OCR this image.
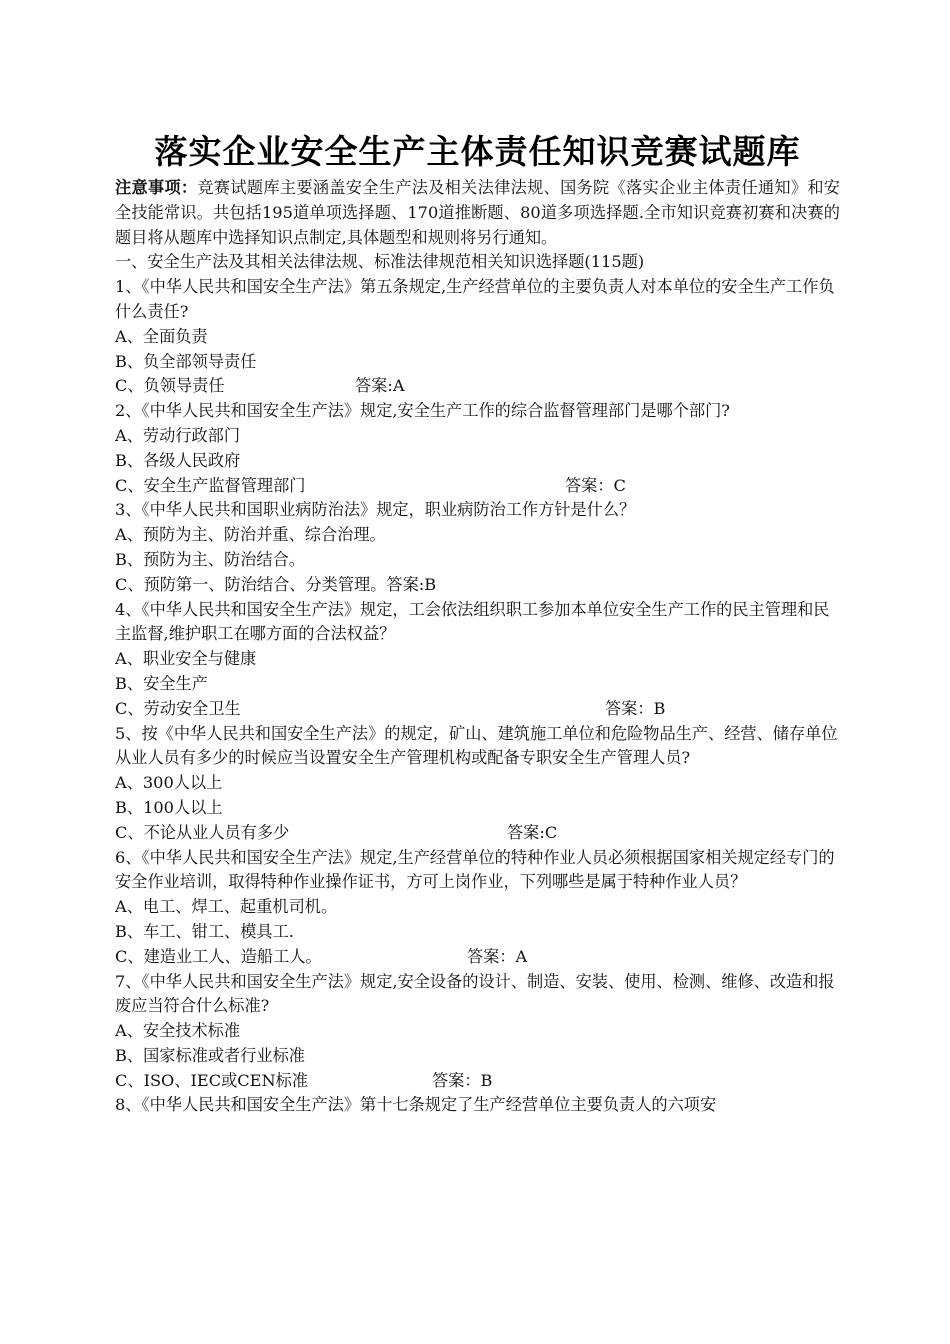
落实企业安全生产主体责任知识竞赛试题库

注意事项：竞赛试题库主要涵盖安全生产法及相关法律法规、国务院《落实企业主体责任通知》和安全技能常识。共包括195道单项选择题、170道推断题、80道多项选择题.全市知识竞赛初赛和决赛的题目将从题库中选择知识点制定,具体题型和规则将另行通知。

一、安全生产法及其相关法律法规、标准法律规范相关知识选择题(115题)

1、《中华人民共和国安全生产法》第五条规定,生产经营单位的主要负责人对本单位的安全生产工作负什么责任?

A、全面负责
B、负全部领导责任
C、负领导责任	答案:A

2、《中华人民共和国安全生产法》规定,安全生产工作的综合监督管理部门是哪个部门?

A、劳动行政部门
B、各级人民政府
C、安全生产监督管理部门	答案：C

3、《中华人民共和国职业病防治法》规定，职业病防治工作方针是什么？

A、预防为主、防治并重、综合治理。
B、预防为主、防治结合。
C、预防第一、防治结合、分类管理。答案:B

4、《中华人民共和国安全生产法》规定，工会依法组织职工参加本单位安全生产工作的民主管理和民主监督,维护职工在哪方面的合法权益？

A、职业安全与健康
B、安全生产
C、劳动安全卫生	答案：B

5、按《中华人民共和国安全生产法》的规定，矿山、建筑施工单位和危险物品生产、经营、储存单位从业人员有多少的时候应当设置安全生产管理机构或配备专职安全生产管理人员?

A、300人以上
B、100人以上
C、不论从业人员有多少	答案:C

6、《中华人民共和国安全生产法》规定,生产经营单位的特种作业人员必须根据国家相关规定经专门的安全作业培训，取得特种作业操作证书，方可上岗作业，下列哪些是属于特种作业人员？

A、电工、焊工、起重机司机。
B、车工、钳工、模具工.
C、建造业工人、造船工人。	答案：A

7、《中华人民共和国安全生产法》规定,安全设备的设计、制造、安装、使用、检测、维修、改造和报废应当符合什么标准?

A、安全技术标准
B、国家标准或者行业标准
C、ISO、IEC或CEN标准	答案：B

8、《中华人民共和国安全生产法》第十七条规定了生产经营单位主要负责人的六项安
